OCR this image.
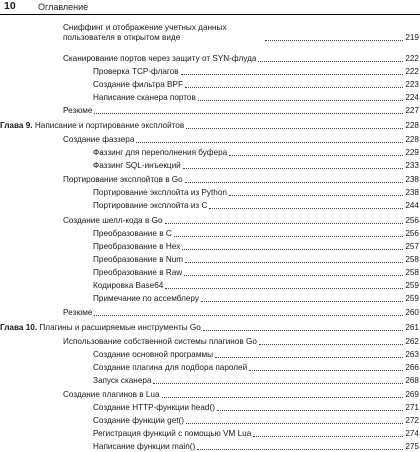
10 Оглавление
Сниффинг и отображение учетных данных пользователя в открытом виде	219
Сканирование портов через защиту от SYN-флуда	222
Проверка TCP-флагов	222
Создание фильтра BPF	223
Написание сканера портов	224
Резюме	227
Глава 9. Написание и портирование эксплойтов	228
Создание фаззера	228
Фаззинг для переполнения буфера	229
Фаззинг SQL-инъекций	233
Портирование эксплойтов в Go	238
Портирование эксплойта из Python	238
Портирование эксплойта из C	244
Создание шелл-кода в Go	256
Преобразование в C	256
Преобразование в Hex	257
Преобразование в Num	258
Преобразование в Raw	258
Кодировка Base64	259
Примечание по ассемблеру	259
Резюме	260
Глава 10. Плагины и расширяемые инструменты Go	261
Использование собственной системы плагинов Go	262
Создание основной программы	263
Создание плагина для подбора паролей	266
Запуск сканера	268
Создание плагинов в Lua	269
Создание HTTP-функции head()	271
Создание функции get()	272
Регистрация функций с помощью VM Lua	274
Написание функции main()	275
